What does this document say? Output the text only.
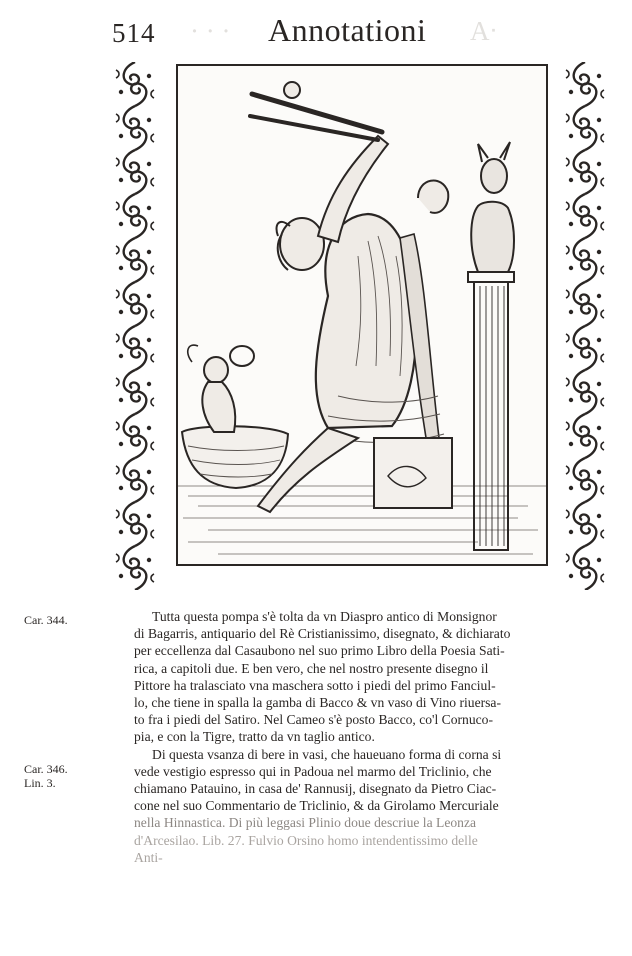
514 · · · Annotationi Aᐧ
Car. 344.
Car. 346.
Lin. 3.
Tutta questa pompa s'è tolta da vn Diaspro antico di Monsignor
di Bagarris, antiquario del Rè Cristianissimo, disegnato, & dichiarato
per eccellenza dal Casaubono nel suo primo Libro della Poesia Sati-
rica, a capitoli due. E ben vero, che nel nostro presente disegno il
Pittore ha tralasciato vna maschera sotto i piedi del primo Fanciul-
lo, che tiene in spalla la gamba di Bacco & vn vaso di Vino riuersa-
to fra i piedi del Satiro. Nel Cameo s'è posto Bacco, co'l Cornuco-
pia, e con la Tigre, tratto da vn taglio antico.
Di questa vsanza di bere in vasi, che haueuano forma di corna si
vede vestigio espresso qui in Padoua nel marmo del Triclinio, che
chiamano Patauino, in casa de' Rannusij, disegnato da Pietro Ciac-
cone nel suo Commentario de Triclinio, & da Girolamo Mercuriale
nella Hinnastica. Di più leggasi Plinio doue descriue la Leonza
d'Arcesilao. Lib. 27. Fulvio Orsino homo intendentissimo delle
Anti-
